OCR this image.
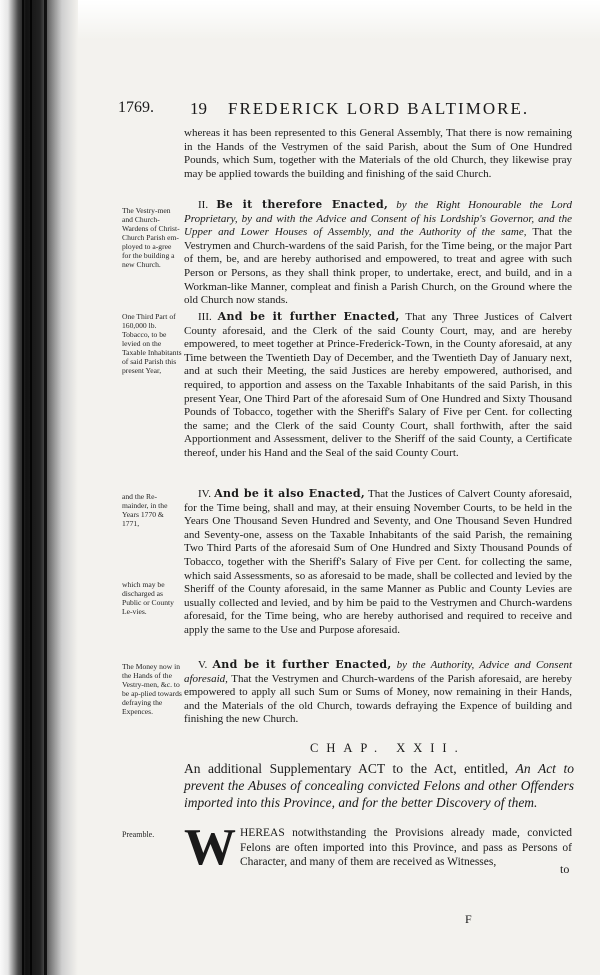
1769. 19 FREDERICK LORD BALTIMORE.

whereas it has been represented to this General Assembly, That there is now remaining in the Hands of the Vestrymen of the said Parish, about the Sum of One Hundred Pounds, which Sum, together with the Materials of the old Church, they likewise pray may be applied towards the building and finishing of the said Church.

The Vestry-men and Church-Wardens of Christ-Church Parish em-ployed to a-gree for the building a new Church.

II. Be it therefore Enacted, by the Right Honourable the Lord Proprietary, by and with the Advice and Consent of his Lordship's Governor, and the Upper and Lower Houses of Assembly, and the Authority of the same, That the Vestrymen and Church-wardens of the said Parish, for the Time being, or the major Part of them, be, and are hereby authorised and empowered, to treat and agree with such Person or Persons, as they shall think proper, to undertake, erect, and build, and in a Workman-like Manner, compleat and finish a Parish Church, on the Ground where the old Church now stands.

One Third Part of 160,000 lb. Tobacco, to be levied on the Taxable Inhabitants of said Parish this present Year,

III. And be it further Enacted, That any Three Justices of Calvert County aforesaid, and the Clerk of the said County Court, may, and are hereby empowered, to meet together at Prince-Frederick-Town, in the County aforesaid, at any Time between the Twentieth Day of December, and the Twentieth Day of January next, and at such their Meeting, the said Justices are hereby empowered, authorised, and required, to apportion and assess on the Taxable Inhabitants of the said Parish, in this present Year, One Third Part of the aforesaid Sum of One Hundred and Sixty Thousand Pounds of Tobacco, together with the Sheriff's Salary of Five per Cent. for collecting the same; and the Clerk of the said County Court, shall forthwith, after the said Apportionment and Assessment, deliver to the Sheriff of the said County, a Certificate thereof, under his Hand and the Seal of the said County Court.

and the Re-mainder, in the Years 1770 & 1771,
which may be discharged as Public or County Le-vies.

IV. And be it also Enacted, That the Justices of Calvert County aforesaid, for the Time being, shall and may, at their ensuing November Courts, to be held in the Years One Thousand Seven Hundred and Seventy, and One Thousand Seven Hundred and Seventy-one, assess on the Taxable Inhabitants of the said Parish, the remaining Two Third Parts of the aforesaid Sum of One Hundred and Sixty Thousand Pounds of Tobacco, together with the Sheriff's Salary of Five per Cent. for collecting the same, which said Assessments, so as aforesaid to be made, shall be collected and levied by the Sheriff of the County aforesaid, in the same Manner as Public and County Levies are usually collected and levied, and by him be paid to the Vestrymen and Church-wardens aforesaid, for the Time being, who are hereby authorised and required to receive and apply the same to the Use and Purpose aforesaid.

The Money now in the Hands of the Vestry-men, &c. to be ap-plied towards defraying the Expences.

V. And be it further Enacted, by the Authority, Advice and Consent aforesaid, That the Vestrymen and Church-wardens of the Parish aforesaid, are hereby empowered to apply all such Sum or Sums of Money, now remaining in their Hands, and the Materials of the old Church, towards defraying the Expence of building and finishing the new Church.

CHAP. XXII.
An additional Supplementary ACT to the Act, entitled, An Act to prevent the Abuses of concealing convicted Felons and other Offenders imported into this Province, and for the better Discovery of them.
Preamble. WHEREAS notwithstanding the Provisions already made, convicted Felons are often imported into this Province, and pass as Persons of Character, and many of them are received as Witnesses,	to
F
